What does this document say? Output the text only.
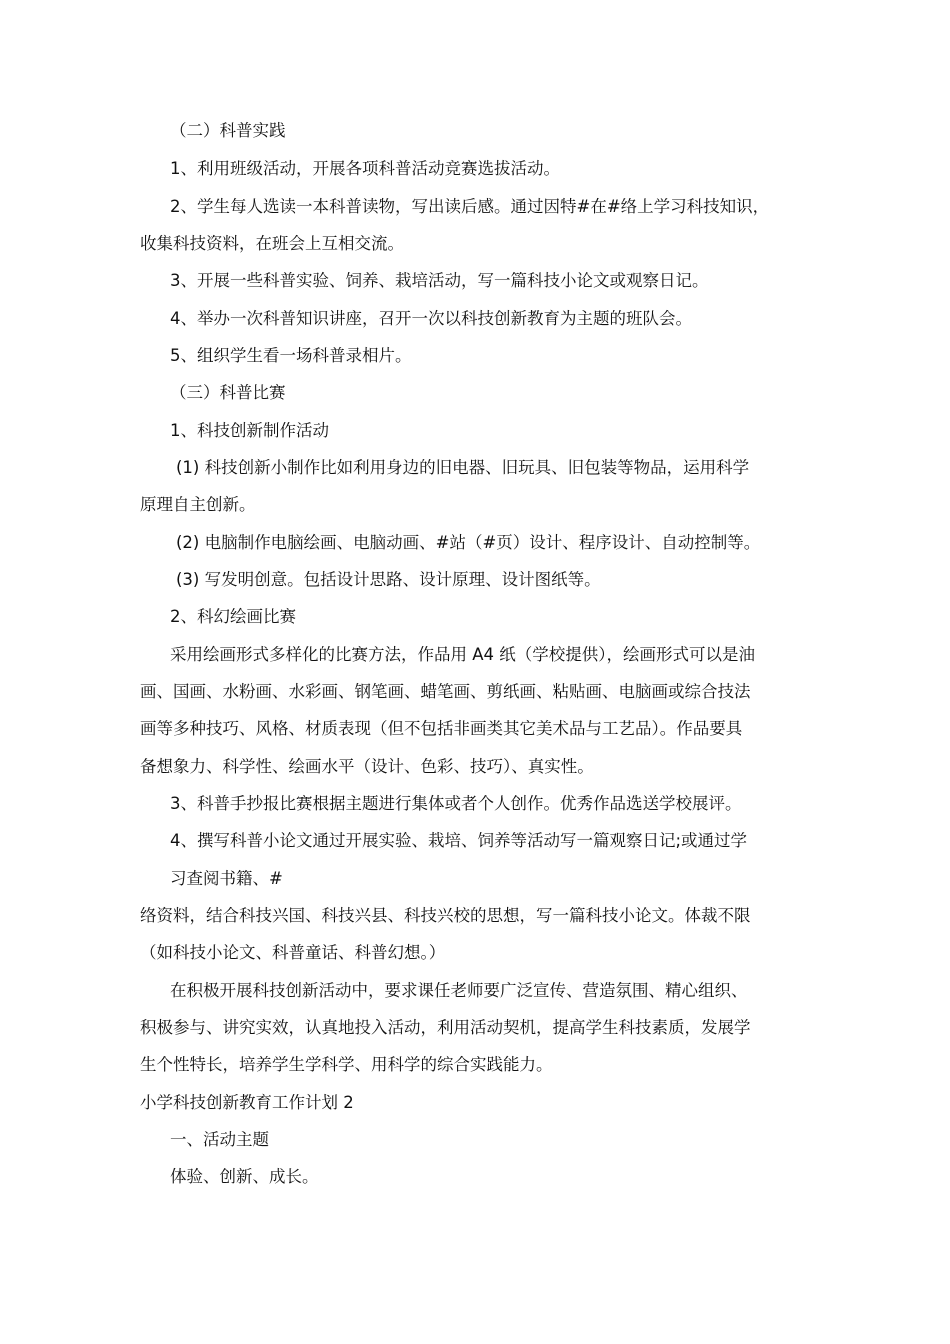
（二）科普实践
1、利用班级活动，开展各项科普活动竞赛选拔活动。
2、学生每人选读一本科普读物，写出读后感。通过因特#在#络上学习科技知识，
收集科技资料，在班会上互相交流。
3、开展一些科普实验、饲养、栽培活动，写一篇科技小论文或观察日记。
4、举办一次科普知识讲座，召开一次以科技创新教育为主题的班队会。
5、组织学生看一场科普录相片。
（三）科普比赛
1、科技创新制作活动
(1) 科技创新小制作比如利用身边的旧电器、旧玩具、旧包装等物品，运用科学
原理自主创新。
(2) 电脑制作电脑绘画、电脑动画、#站（#页）设计、程序设计、自动控制等。
(3) 写发明创意。包括设计思路、设计原理、设计图纸等。
2、科幻绘画比赛
采用绘画形式多样化的比赛方法，作品用 A4 纸（学校提供），绘画形式可以是油
画、国画、水粉画、水彩画、钢笔画、蜡笔画、剪纸画、粘贴画、电脑画或综合技法
画等多种技巧、风格、材质表现（但不包括非画类其它美术品与工艺品）。作品要具
备想象力、科学性、绘画水平（设计、色彩、技巧）、真实性。
3、科普手抄报比赛根据主题进行集体或者个人创作。优秀作品选送学校展评。
4、撰写科普小论文通过开展实验、栽培、饲养等活动写一篇观察日记;或通过学
习查阅书籍、#
络资料，结合科技兴国、科技兴县、科技兴校的思想，写一篇科技小论文。体裁不限
（如科技小论文、科普童话、科普幻想。）
在积极开展科技创新活动中，要求课任老师要广泛宣传、营造氛围、精心组织、
积极参与、讲究实效，认真地投入活动，利用活动契机，提高学生科技素质，发展学
生个性特长，培养学生学科学、用科学的综合实践能力。
小学科技创新教育工作计划 2
一、活动主题
体验、创新、成长。
